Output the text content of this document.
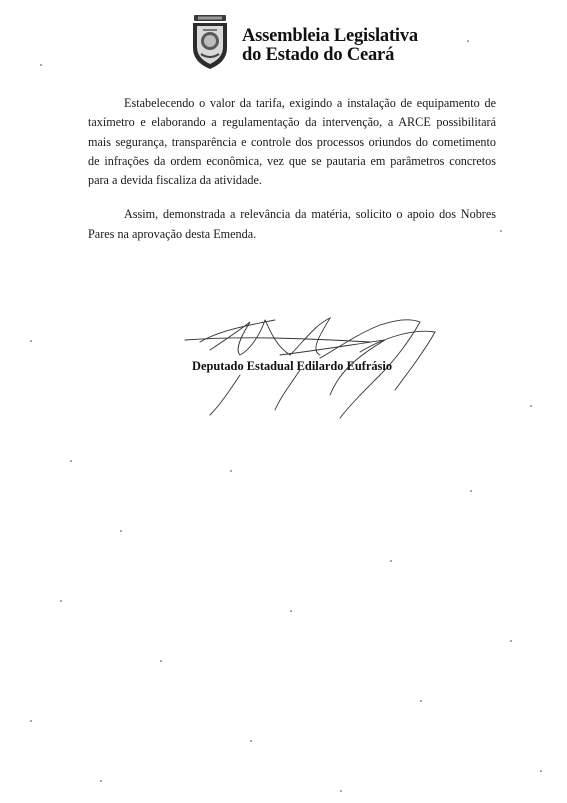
Assembleia Legislativa
do Estado do Ceará

Estabelecendo o valor da tarifa, exigindo a instalação de equipamento de taxímetro e elaborando a regulamentação da intervenção, a ARCE possibilitará mais segurança, transparência e controle dos processos oriundos do cometimento de infrações da ordem econômica, vez que se pautaria em parâmetros concretos para a devida fiscaliza da atividade.

Assim, demonstrada a relevância da matéria, solicito o apoio dos Nobres Pares na aprovação desta Emenda.

Deputado Estadual Edilardo Eufrásio
